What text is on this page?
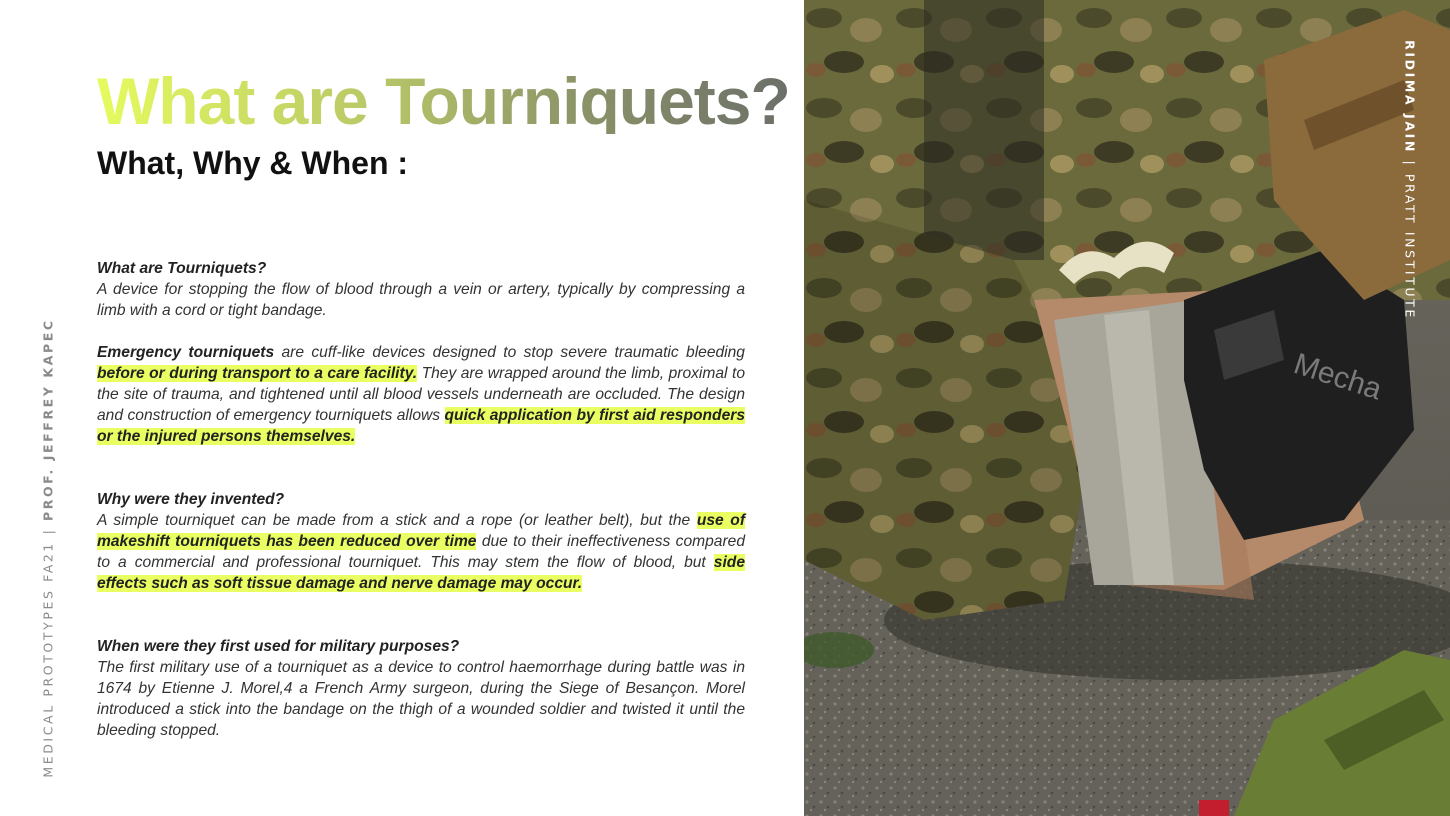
What are Tourniquets?
What, Why & When :

What are Tourniquets?
A device for stopping the flow of blood through a vein or artery, typically by compressing a limb with a cord or tight bandage.

Emergency tourniquets are cuff-like devices designed to stop severe traumatic bleeding before or during transport to a care facility. They are wrapped around the limb, proximal to the site of trauma, and tightened until all blood vessels underneath are occluded. The design and construction of emergency tourniquets allows quick application by first aid responders or the injured persons themselves.

Why were they invented?
A simple tourniquet can be made from a stick and a rope (or leather belt), but the use of makeshift tourniquets has been reduced over time due to their ineffectiveness compared to a commercial and professional tourniquet. This may stem the flow of blood, but side effects such as soft tissue damage and nerve damage may occur.

When were they first used for military purposes?
The first military use of a tourniquet as a device to control haemorrhage during battle was in 1674 by Etienne J. Morel,4 a French Army surgeon, during the Siege of Besançon. Morel introduced a stick into the bandage on the thigh of a wounded soldier and twisted it until the bleeding stopped.

MEDICAL PROTOTYPES FA21 | PROF. JEFFREY KAPEC	Mecha
RIDIMA JAIN | PRATT INSTITUTE
